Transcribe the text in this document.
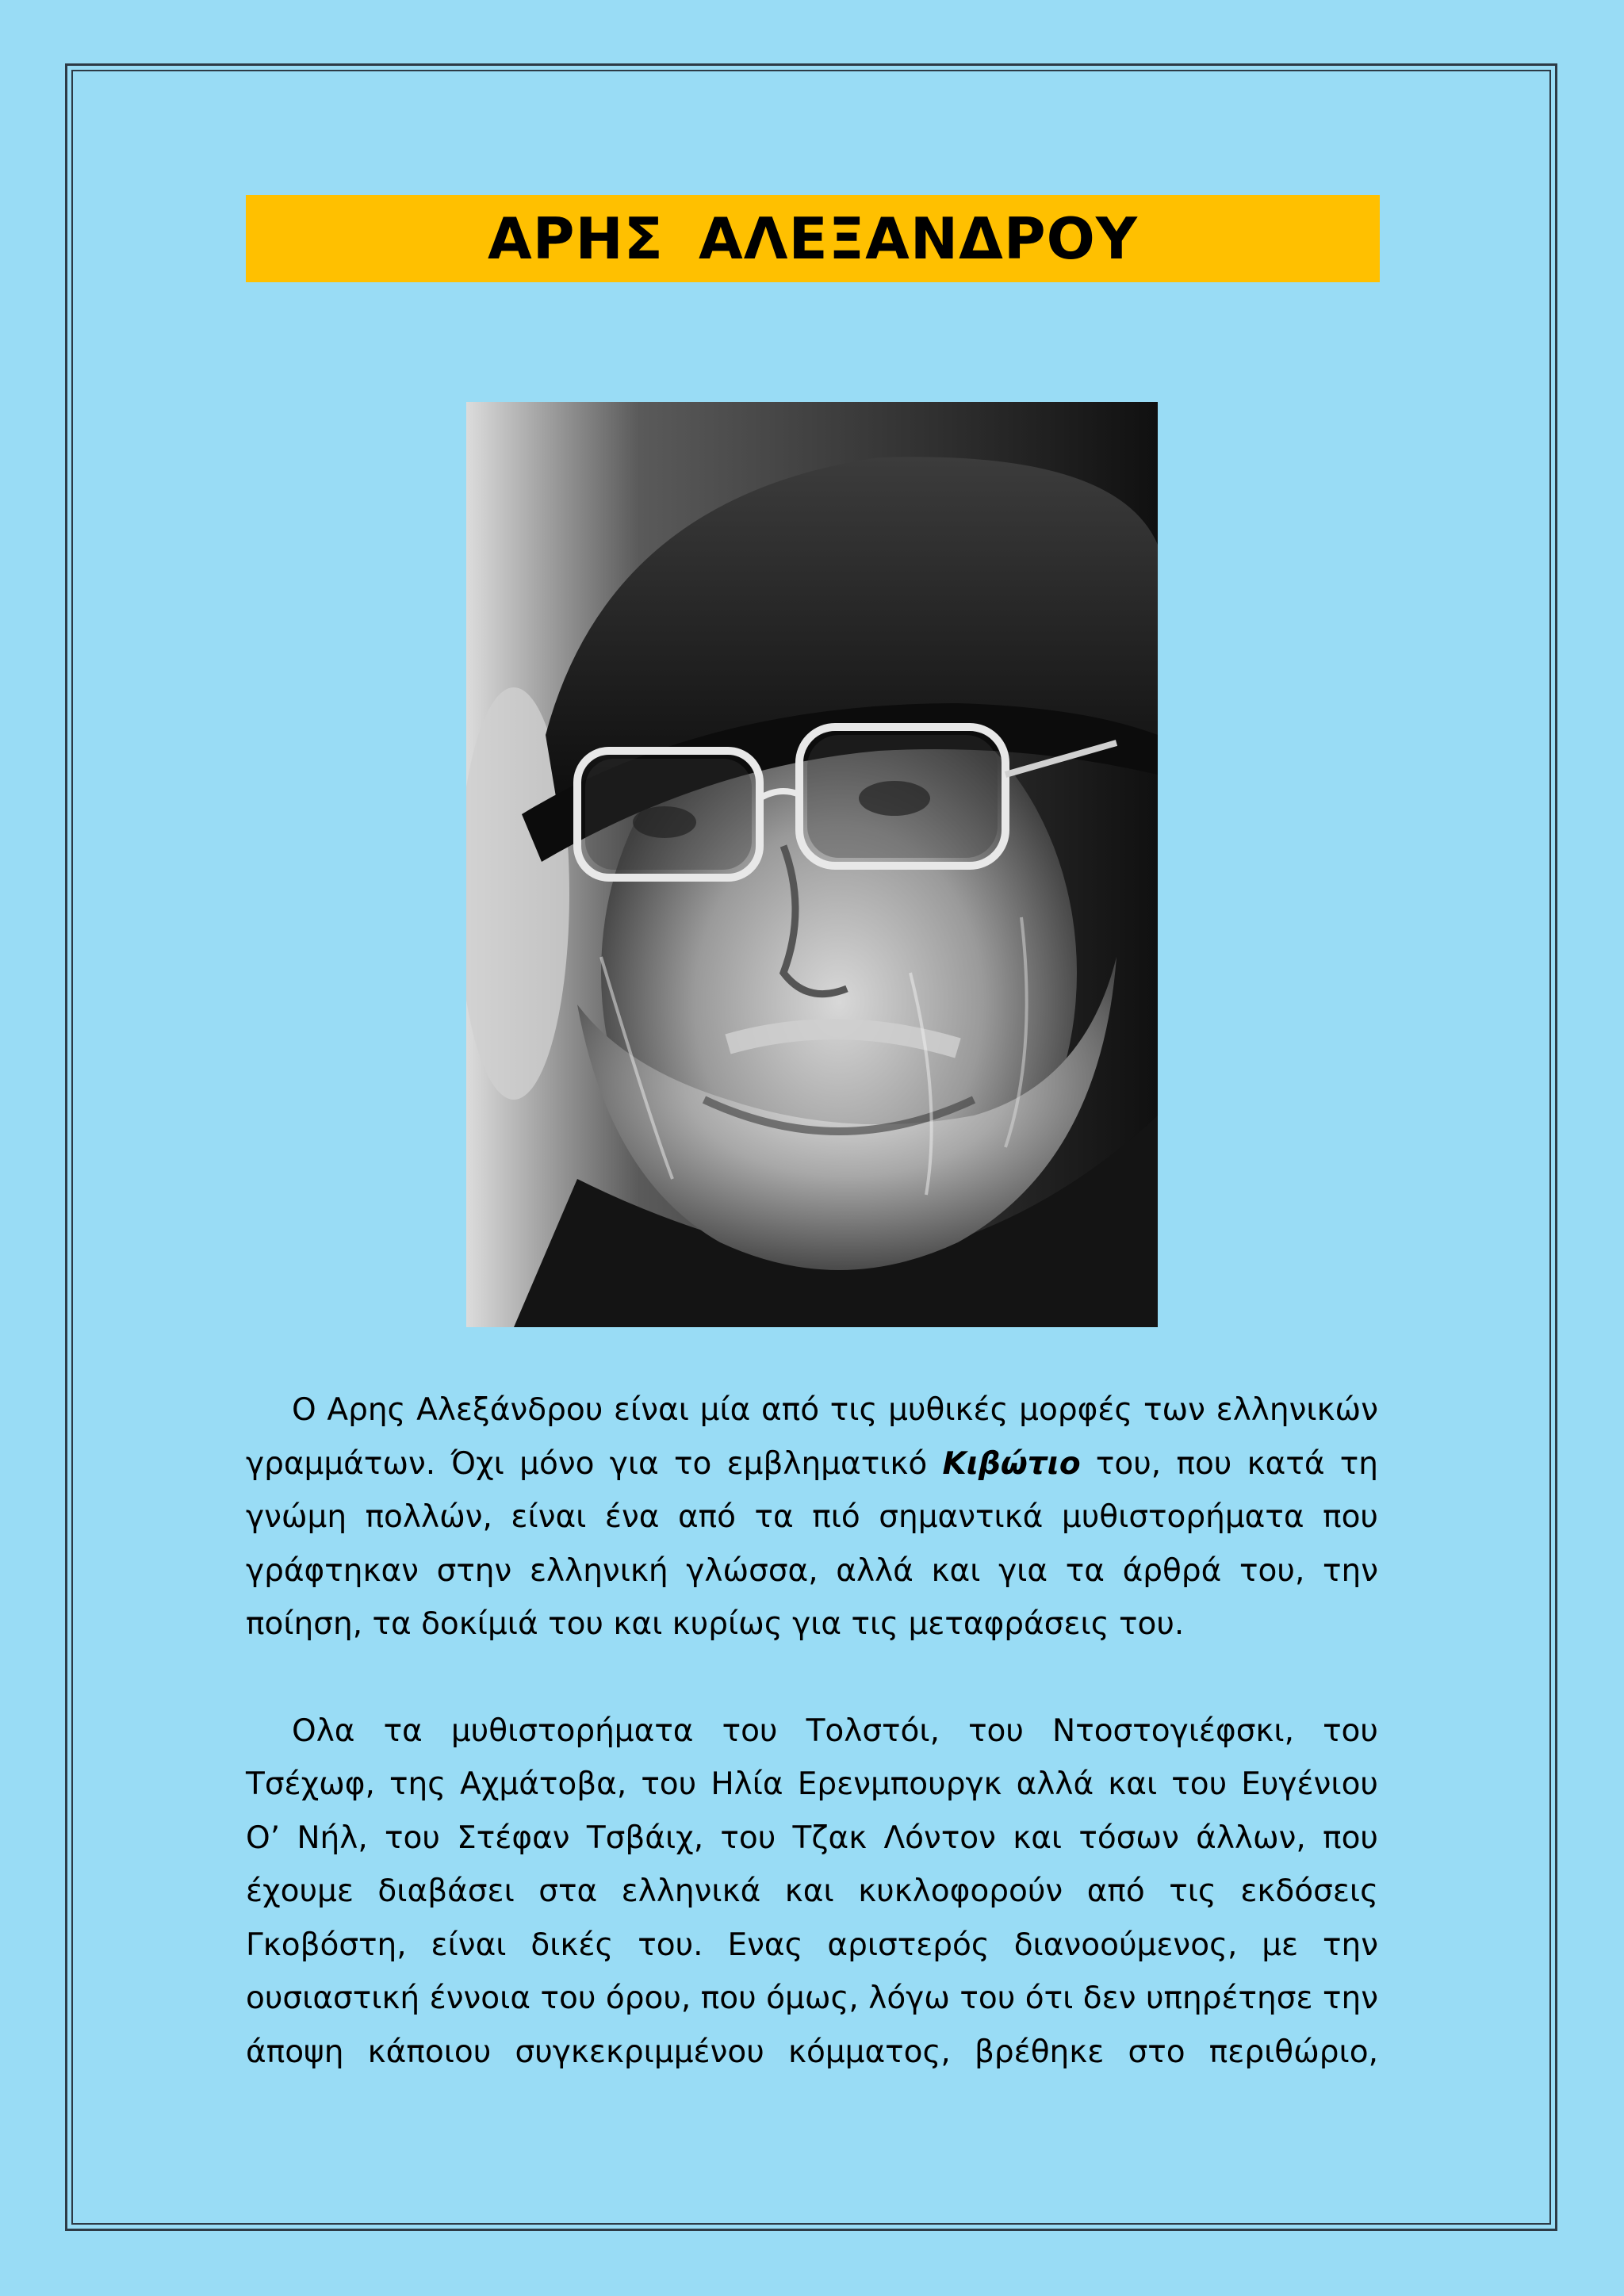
ΑΡΗΣ ΑΛΕΞΑΝΔΡΟΥ

Ο Αρης Αλεξάνδρου είναι μία από τις μυθικές μορφές των ελληνικών γραμμάτων. Όχι μόνο για το εμβληματικό Κιβώτιο του, που κατά τη γνώμη πολλών, είναι ένα από τα πιό σημαντικά μυθιστορήματα που γράφτηκαν στην ελληνική γλώσσα, αλλά και για τα άρθρά του, την ποίηση, τα δοκίμιά του και κυρίως για τις μεταφράσεις του.

Ολα τα μυθιστορήματα του Τολστόι, του Ντοστογιέφσκι, του Τσέχωφ, της Αχμάτοβα, του Ηλία Ερενμπουργκ αλλά και του Ευγένιου Ο’ Νήλ, του Στέφαν Τσβάιχ, του Τζακ Λόντον και τόσων άλλων, που έχουμε διαβάσει στα ελληνικά και κυκλοφορούν από τις εκδόσεις Γκοβόστη, είναι δικές του. Ενας αριστερός διανοούμενος, με την ουσιαστική έννοια του όρου, που όμως, λόγω του ότι δεν υπηρέτησε την άποψη κάποιου συγκεκριμμένου κόμματος, βρέθηκε στο περιθώριο,
